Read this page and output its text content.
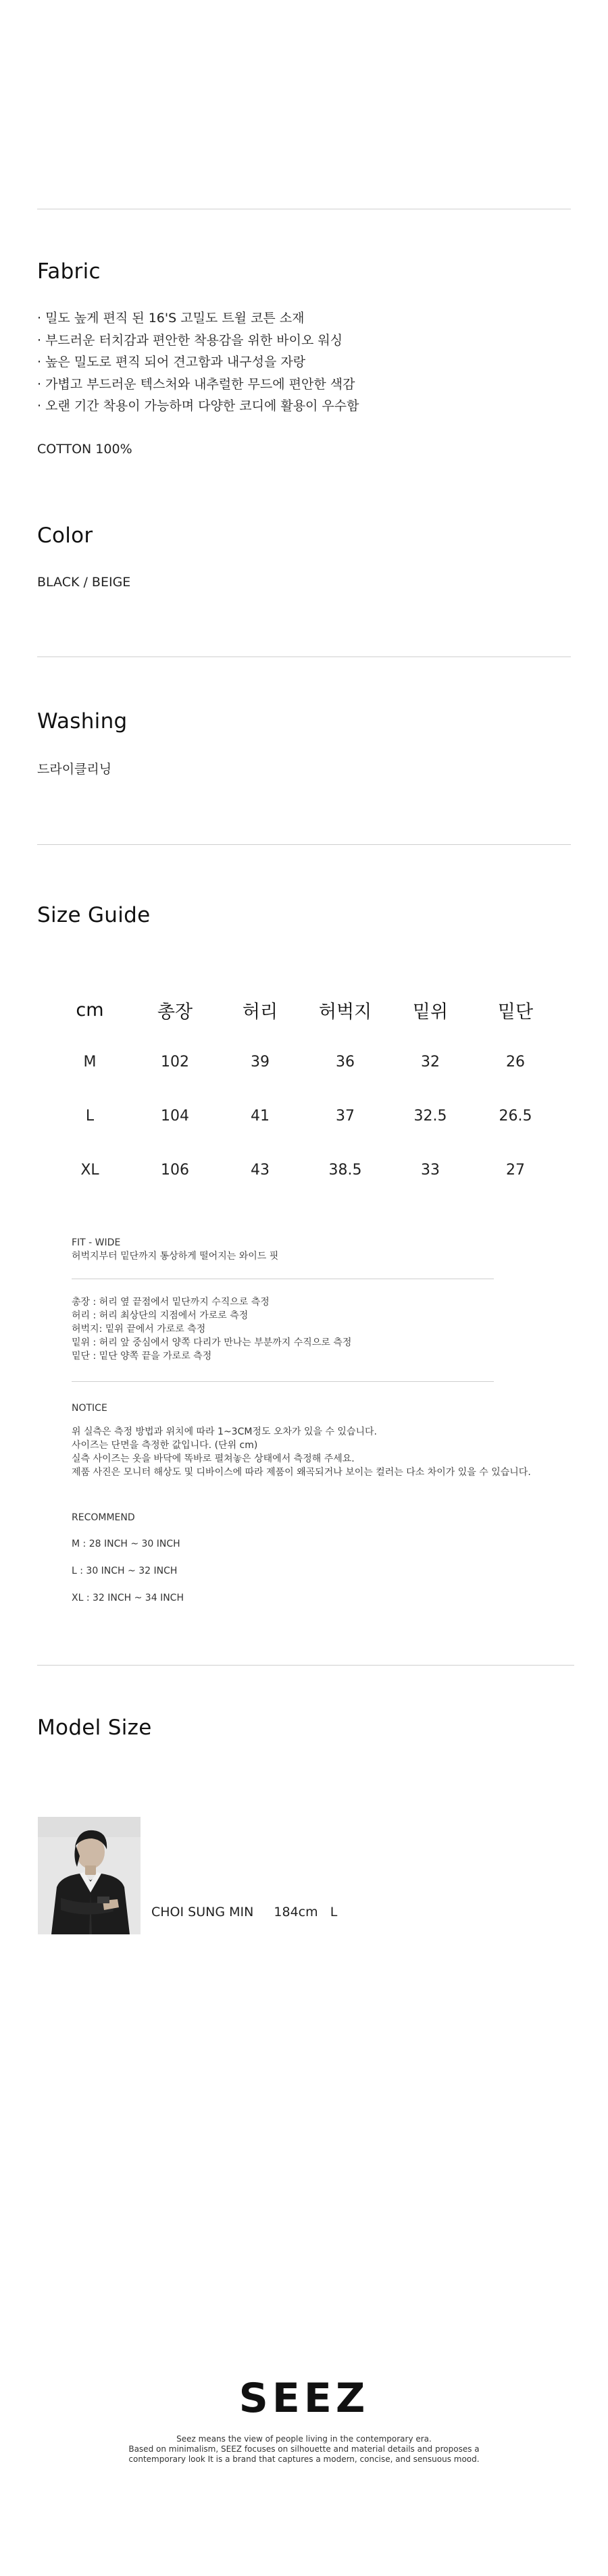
Fabric
· 밀도 높게 편직 된 16'S 고밀도 트윌 코튼 소재
· 부드러운 터치감과 편안한 착용감을 위한 바이오 워싱
· 높은 밀도로 편직 되어 견고함과 내구성을 자랑
· 가볍고 부드러운 텍스처와 내추럴한 무드에 편안한 색감
· 오랜 기간 착용이 가능하며 다양한 코디에 활용이 우수함
COTTON 100%
Color
BLACK / BEIGE
Washing
드라이클리닝
Size Guide
cm	총장	허리	허벅지	밑위	밑단
M	102	39	36	32	26
L	104	41	37	32.5	26.5
XL	106	43	38.5	33	27
FIT - WIDE
허벅지부터 밑단까지 통상하게 떨어지는 와이드 핏
총장 : 허리 옆 끝점에서 밑단까지 수직으로 측정
허리 : 허리 최상단의 지점에서 가로로 측정
허벅지: 밑위 끝에서 가로로 측정
밑위 : 허리 앞 중심에서 양쪽 다리가 만나는 부분까지 수직으로 측정
밑단 : 밑단 양쪽 끝을 가로로 측정
NOTICE
위 실측은 측정 방법과 위치에 따라 1~3CM정도 오차가 있을 수 있습니다.
사이즈는 단면을 측정한 값입니다. (단위 cm)
실측 사이즈는 옷을 바닥에 똑바로 펼쳐놓은 상태에서 측정해 주세요.
제품 사진은 모니터 해상도 및 디바이스에 따라 제품이 왜곡되거나 보이는 컬러는 다소 차이가 있을 수 있습니다.
RECOMMEND
M : 28 INCH ~ 30 INCH
L : 30 INCH ~ 32 INCH
XL : 32 INCH ~ 34 INCH
Model Size
CHOI SUNG MIN 184cm L
SEEZ
Seez means the view of people living in the contemporary era.
Based on minimalism, SEEZ focuses on silhouette and material details and proposes a
contemporary look It is a brand that captures a modern, concise, and sensuous mood.
